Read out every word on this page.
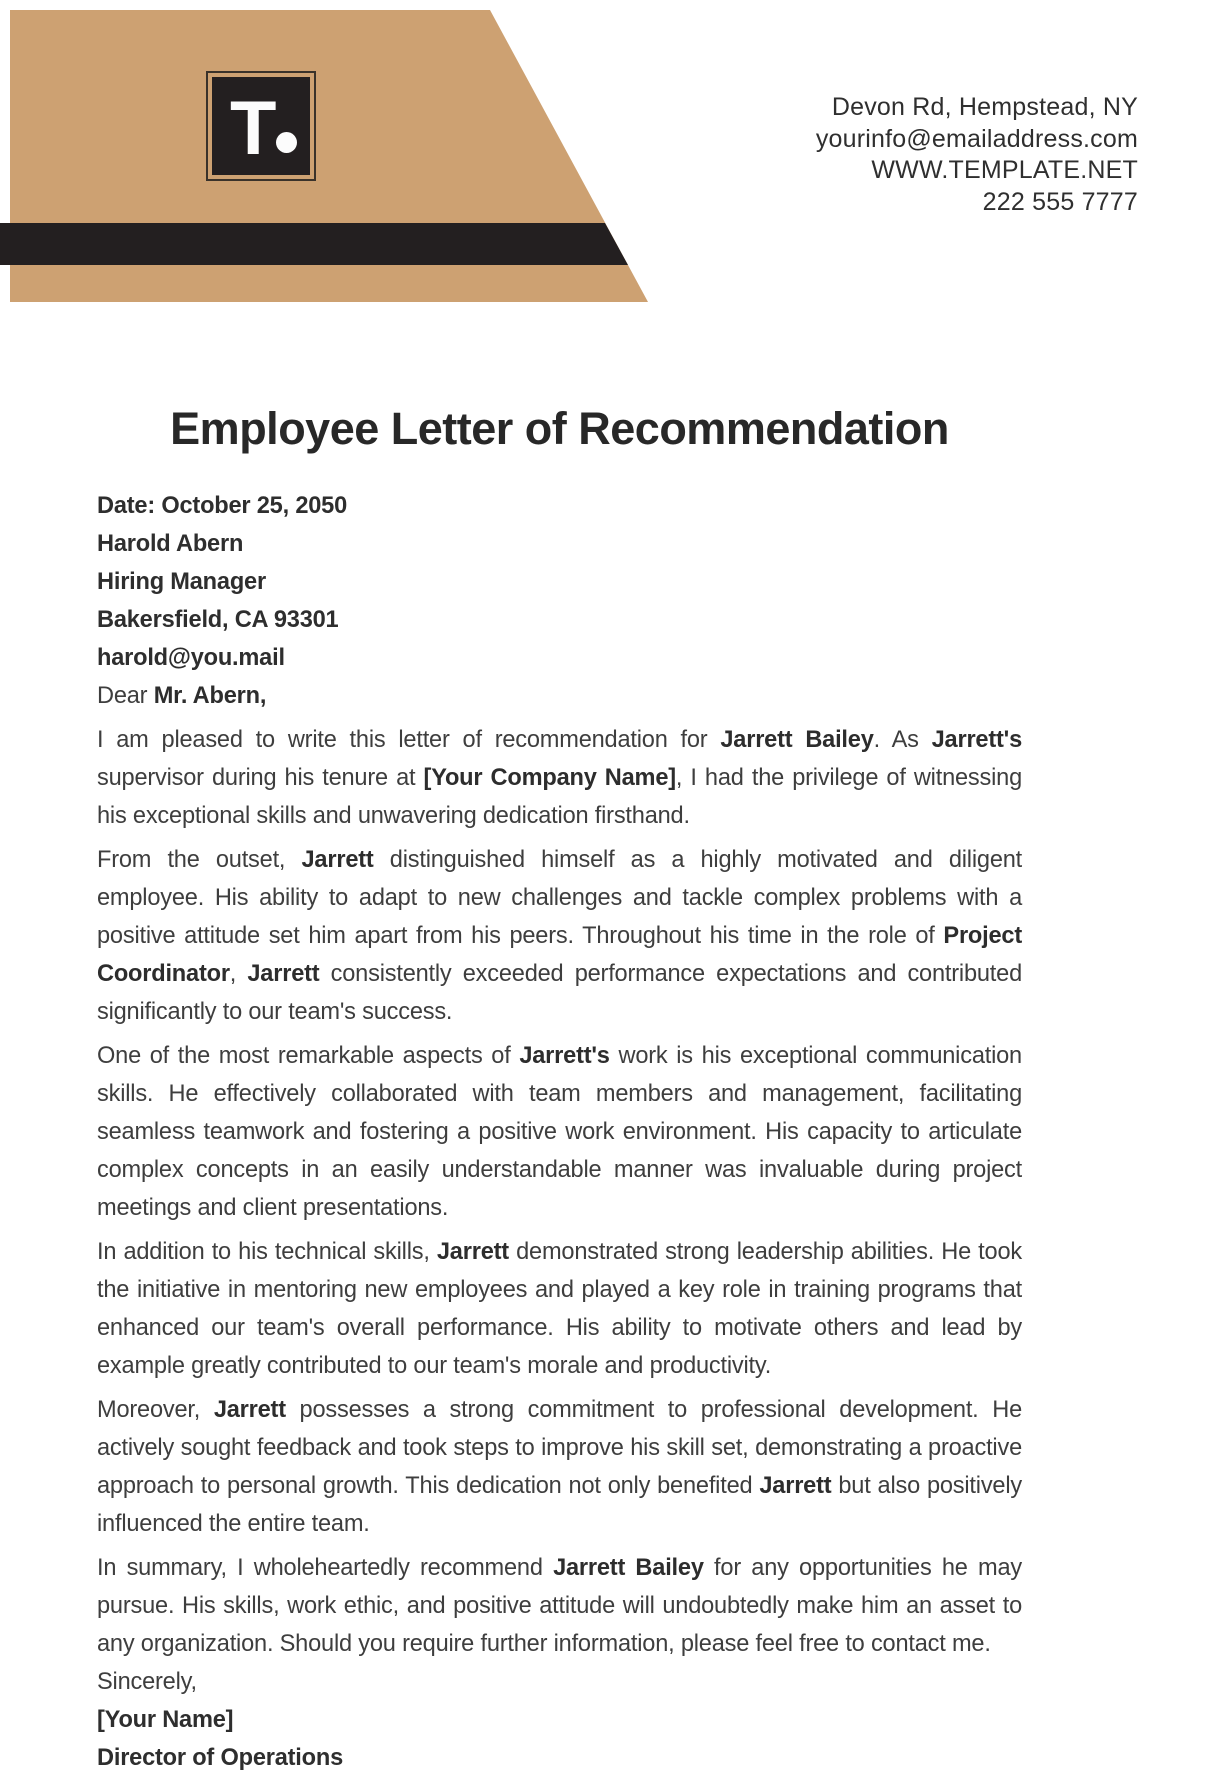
T	Devon Rd, Hempstead, NY
yourinfo@emailaddress.com
WWW.TEMPLATE.NET
222 555 7777
Employee Letter of Recommendation
Date: October 25, 2050
Harold Abern
Hiring Manager
Bakersfield, CA 93301
harold@you.mail

Dear Mr. Abern,

I am pleased to write this letter of recommendation for Jarrett Bailey. As Jarrett's supervisor during his tenure at [Your Company Name], I had the privilege of witnessing his exceptional skills and unwavering dedication firsthand.

From the outset, Jarrett distinguished himself as a highly motivated and diligent employee. His ability to adapt to new challenges and tackle complex problems with a positive attitude set him apart from his peers. Throughout his time in the role of Project Coordinator, Jarrett consistently exceeded performance expectations and contributed significantly to our team's success.

One of the most remarkable aspects of Jarrett's work is his exceptional communication skills. He effectively collaborated with team members and management, facilitating seamless teamwork and fostering a positive work environment. His capacity to articulate complex concepts in an easily understandable manner was invaluable during project meetings and client presentations.

In addition to his technical skills, Jarrett demonstrated strong leadership abilities. He took the initiative in mentoring new employees and played a key role in training programs that enhanced our team's overall performance. His ability to motivate others and lead by example greatly contributed to our team's morale and productivity.

Moreover, Jarrett possesses a strong commitment to professional development. He actively sought feedback and took steps to improve his skill set, demonstrating a proactive approach to personal growth. This dedication not only benefited Jarrett but also positively influenced the entire team.

In summary, I wholeheartedly recommend Jarrett Bailey for any opportunities he may pursue. His skills, work ethic, and positive attitude will undoubtedly make him an asset to any organization. Should you require further information, please feel free to contact me.

Sincerely,
[Your Name]
Director of Operations
